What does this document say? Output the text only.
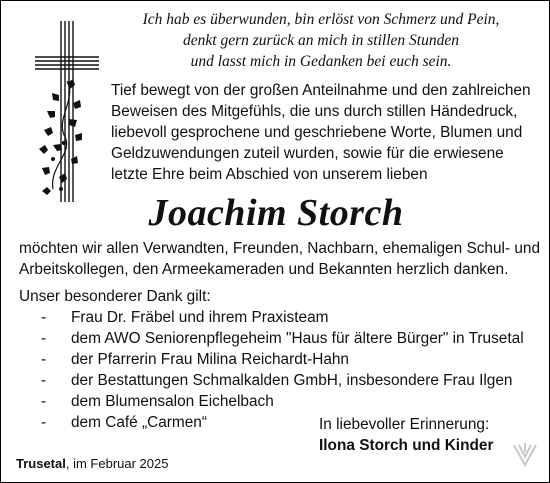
Ich hab es überwunden, bin erlöst von Schmerz und Pein,
denkt gern zurück an mich in stillen Stunden
und lasst mich in Gedanken bei euch sein.
Tief bewegt von der großen Anteilnahme und den zahlreichen
Beweisen des Mitgefühls, die uns durch stillen Händedruck,
liebevoll gesprochene und geschriebene Worte, Blumen und
Geldzuwendungen zuteil wurden, sowie für die erwiesene
letzte Ehre beim Abschied von unserem lieben
Joachim Storch
möchten wir allen Verwandten, Freunden, Nachbarn, ehemaligen Schul- und
Arbeitskollegen, den Armeekameraden und Bekannten herzlich danken.
Unser besonderer Dank gilt:
-	Frau Dr. Fräbel und ihrem Praxisteam
-	dem AWO Seniorenpflegeheim "Haus für ältere Bürger" in Trusetal
-	der Pfarrerin Frau Milina Reichardt-Hahn
-	der Bestattungen Schmalkalden GmbH, insbesondere Frau Ilgen
-	dem Blumensalon Eichelbach
-	dem Café „Carmen“	In liebevoller Erinnerung:
Ilona Storch und Kinder
Trusetal, im Februar 2025
